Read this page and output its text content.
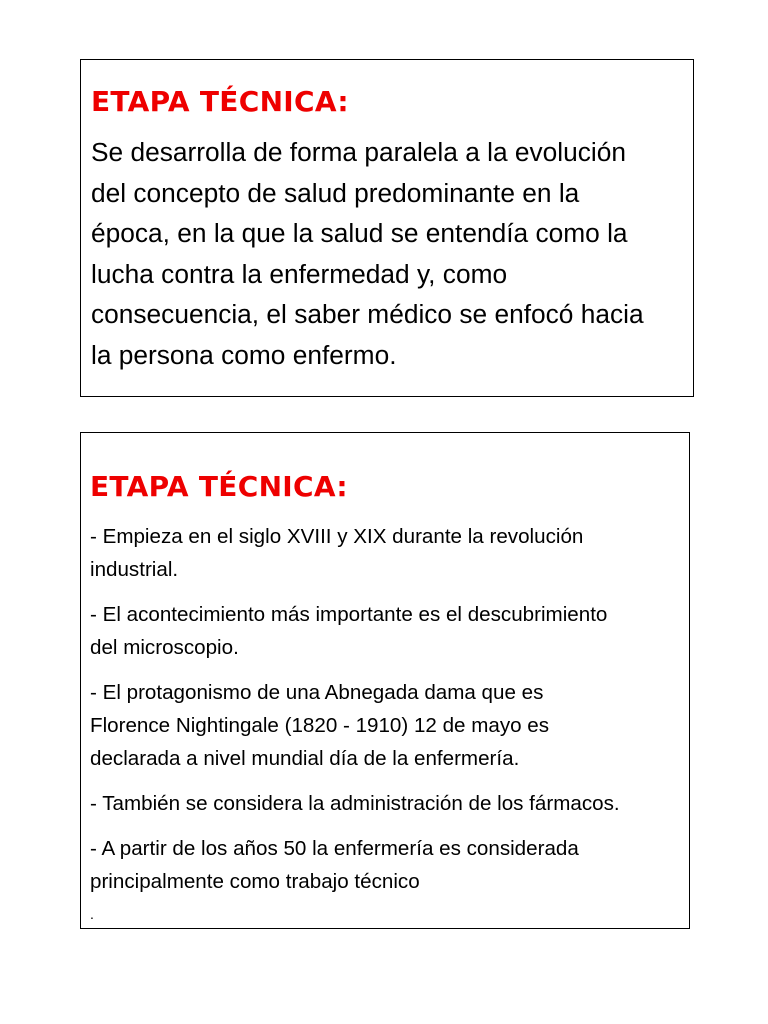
ETAPA TÉCNICA:

Se desarrolla de forma paralela a la evolución
del concepto de salud predominante en la
época, en la que la salud se entendía como la
lucha contra la enfermedad y, como
consecuencia, el saber médico se enfocó hacia
la persona como enfermo.

ETAPA TÉCNICA:
- Empieza en el siglo XVIII y XIX durante la revolución
industrial.
- El acontecimiento más importante es el descubrimiento
del microscopio.
- El protagonismo de una Abnegada dama que es
Florence Nightingale (1820 - 1910) 12 de mayo es
declarada a nivel mundial día de la enfermería.
- También se considera la administración de los fármacos.
- A partir de los años 50 la enfermería es considerada
principalmente como trabajo técnico
.
